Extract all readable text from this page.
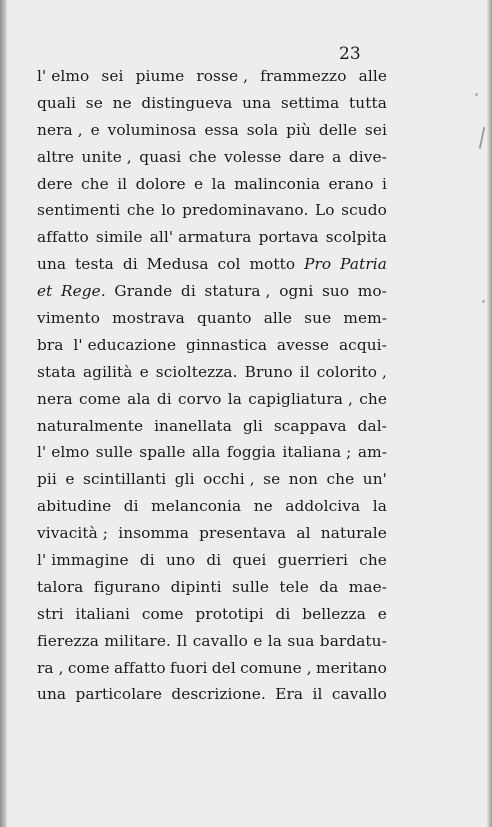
23
l' elmo sei piume rosse , frammezzo alle
quali se ne distingueva una settima tutta
nera , e voluminosa essa sola più delle sei
altre unite , quasi che volesse dare a dive-
dere che il dolore e la malinconia erano i
sentimenti che lo predominavano. Lo scudo
affatto simile all' armatura portava scolpita
una testa di Medusa col motto Pro Patria
et Rege. Grande di statura , ogni suo mo-
vimento mostrava quanto alle sue mem-
bra l' educazione ginnastica avesse acqui-
stata agilità e scioltezza. Bruno il colorito ,
nera come ala di corvo la capigliatura , che
naturalmente inanellata gli scappava dal-
l' elmo sulle spalle alla foggia italiana ; am-
pii e scintillanti gli occhi , se non che un'
abitudine di melanconia ne addolciva la
vivacità ; insomma presentava al naturale
l' immagine di uno di quei guerrieri che
talora figurano dipinti sulle tele da mae-
stri italiani come prototipi di bellezza e
fierezza militare. Il cavallo e la sua bardatu-
ra , come affatto fuori del comune , meritano
una particolare descrizione. Era il cavallo
